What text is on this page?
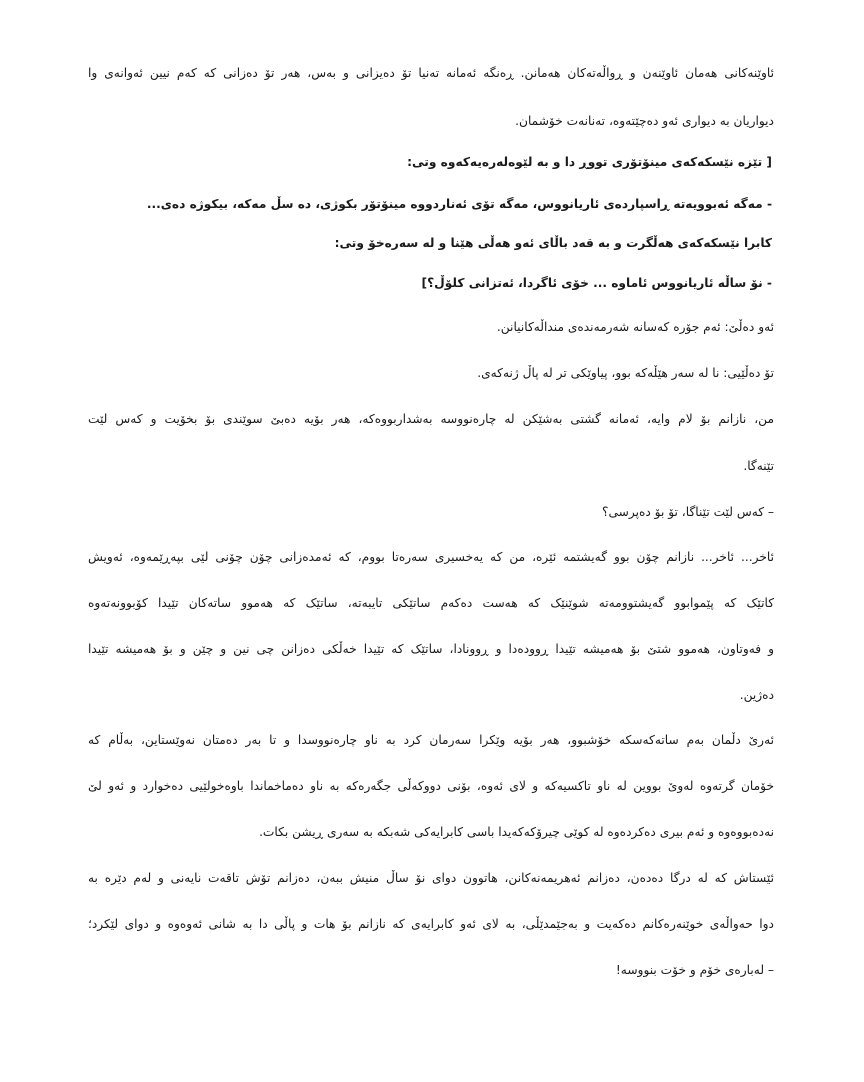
ئاوێنەکانی هەمان ئاوێنەن و ڕواڵەتەکان هەمانن. ڕەنگە ئەمانە تەنیا تۆ دەیزانی و بەس، هەر تۆ دەزانی کە کەم نیین ئەوانەی وا

دیواریان بە دیواری ئەو دەچێتەوە، تەنانەت خۆشمان.

[ تێزە نێسکەکەی مینۆتۆری تووڕ دا و بە لێوەلەرەیەکەوە وتی:

- مەگە ئەبوویەتە ڕاسپاردەی ئاریانووس، مەگە تۆی ئەناردووە مینۆتۆر بکوژی، دە سڵ مەکە، بیکوژە دەی...

کابرا نێسکەکەی هەڵگرت و بە قەد باڵای ئەو هەڵی هێنا و لە سەرەخۆ وتی:

- نۆ ساڵە ئاریانووس ئاماوە ... خۆی ئاگردا، ئەتزانی کلۆڵ؟]

ئەو دەڵێ: ئەم جۆرە کەسانە شەرمەندەی منداڵەکانیانن.

تۆ دەڵێیی: نا لە سەر هێڵەکە بوو، پیاوێکی تر لە پاڵ ژنەکەی.

من، نازانم بۆ لام وایە، ئەمانە گشتی بەشێکن لە چارەنووسە بەشداربووەکە، هەر بۆیە دەبێ سوێندی بۆ بخۆیت و کەس لێت

تێنەگا.

– کەس لێت تێناگا، تۆ بۆ دەپرسی؟

ئاخر... ئاخر... نازانم چۆن بوو گەیشتمە ئێرە، من کە یەخسیری سەرەتا بووم، کە ئەمدەزانی چۆن چۆنی لێی بپەڕێمەوە، ئەویش

کاتێک کە پێموابوو گەیشتوومەتە شوێنێک کە هەست دەکەم ساتێکی تایبەتە، ساتێک کە هەموو ساتەکان تێیدا کۆبوونەتەوە

و فەوتاون، هەموو شتێ بۆ هەمیشە تێیدا ڕوودەدا و ڕوونادا، ساتێک کە تێیدا خەڵکی دەزانن چی نین و چێن و بۆ هەمیشە تێیدا

دەژین.

ئەرێ دڵمان بەم ساتەکەسکە خۆشبوو، هەر بۆیە وێکرا سەرمان کرد بە ناو چارەنووسدا و تا بەر دەمتان نەوێستاین، بەڵام کە

خۆمان گرتەوە لەوێ بووین لە ناو تاکسیەکە و لای ئەوە، بۆنی دووکەڵی جگەرەکە بە ناو دەماخماندا باوەخولێیی دەخوارد و ئەو لێ

نەدەبووەوە و ئەم بیری دەکردەوە لە کوێی چیرۆکەکەیدا باسی کابرایەکی شەبکە بە سەری ڕیشن بکات.

ئێستاش کە لە درگا دەدەن، دەزانم ئەهریمەنەکانن، هاتوون دوای نۆ ساڵ منیش ببەن، دەزانم تۆش تاقەت نایەنی و لەم دێرە بە

دوا حەواڵەی خوێنەرەکانم دەکەیت و بەجێمدێڵی، بە لای ئەو کابرایەی کە نازانم بۆ هات و پاڵی دا بە شانی ئەوەوە و دوای لێکرد؛

– لەبارەی خۆم و خۆت بنووسە!
